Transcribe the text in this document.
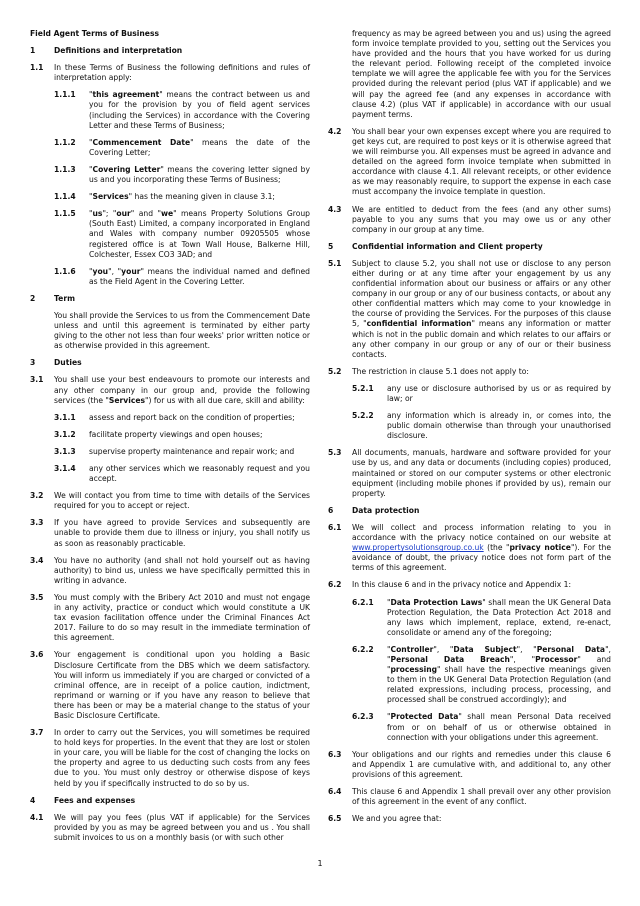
Field Agent Terms of Business
1	Definitions and interpretation
1.1	In these Terms of Business the following definitions and rules of interpretation apply:
1.1.1	"this agreement" means the contract between us and you for the provision by you of field agent services (including the Services) in accordance with the Covering Letter and these Terms of Business;
1.1.2	"Commencement Date" means the date of the Covering Letter;
1.1.3	"Covering Letter" means the covering letter signed by us and you incorporating these Terms of Business;
1.1.4	"Services" has the meaning given in clause 3.1;
1.1.5	"us"; "our" and "we" means Property Solutions Group (South East) Limited, a company incorporated in England and Wales with company number 09205505 whose registered office is at Town Wall House, Balkerne Hill, Colchester, Essex CO3 3AD; and
1.1.6	"you", "your" means the individual named and defined as the Field Agent in the Covering Letter.
2	Term
You shall provide the Services to us from the Commencement Date unless and until this agreement is terminated by either party giving to the other not less than four weeks' prior written notice or as otherwise provided in this agreement.
3	Duties
3.1	You shall use your best endeavours to promote our interests and any other company in our group and, provide the following services (the "Services") for us with all due care, skill and ability:
3.1.1	assess and report back on the condition of properties;
3.1.2	facilitate property viewings and open houses;
3.1.3	supervise property maintenance and repair work; and
3.1.4	any other services which we reasonably request and you accept.
3.2	We will contact you from time to time with details of the Services required for you to accept or reject.
3.3	If you have agreed to provide Services and subsequently are unable to provide them due to illness or injury, you shall notify us as soon as reasonably practicable.
3.4	You have no authority (and shall not hold yourself out as having authority) to bind us, unless we have specifically permitted this in writing in advance.
3.5	You must comply with the Bribery Act 2010 and must not engage in any activity, practice or conduct which would constitute a UK tax evasion facilitation offence under the Criminal Finances Act 2017. Failure to do so may result in the immediate termination of this agreement.
3.6	Your engagement is conditional upon you holding a Basic Disclosure Certificate from the DBS which we deem satisfactory. You will inform us immediately if you are charged or convicted of a criminal offence, are in receipt of a police caution, indictment, reprimand or warning or if you have any reason to believe that there has been or may be a material change to the status of your Basic Disclosure Certificate.
3.7	In order to carry out the Services, you will sometimes be required to hold keys for properties. In the event that they are lost or stolen in your care, you will be liable for the cost of changing the locks on the property and agree to us deducting such costs from any fees due to you. You must only destroy or otherwise dispose of keys held by you if specifically instructed to do so by us.
4	Fees and expenses
4.1	We will pay you fees (plus VAT if applicable) for the Services provided by you as may be agreed between you and us . You shall submit invoices to us on a monthly basis (or with such other
frequency as may be agreed between you and us) using the agreed form invoice template provided to you, setting out the Services you have provided and the hours that you have worked for us during the relevant period. Following receipt of the completed invoice template we will agree the applicable fee with you for the Services provided during the relevant period (plus VAT if applicable) and we will pay the agreed fee (and any expenses in accordance with clause 4.2) (plus VAT if applicable) in accordance with our usual payment terms.
4.2	You shall bear your own expenses except where you are required to get keys cut, are required to post keys or it is otherwise agreed that we will reimburse you. All expenses must be agreed in advance and detailed on the agreed form invoice template when submitted in accordance with clause 4.1. All relevant receipts, or other evidence as we may reasonably require, to support the expense in each case must accompany the invoice template in question.
4.3	We are entitled to deduct from the fees (and any other sums) payable to you any sums that you may owe us or any other company in our group at any time.
5	Confidential information and Client property
5.1	Subject to clause 5.2, you shall not use or disclose to any person either during or at any time after your engagement by us any confidential information about our business or affairs or any other company in our group or any of our business contacts, or about any other confidential matters which may come to your knowledge in the course of providing the Services. For the purposes of this clause 5, "confidential information" means any information or matter which is not in the public domain and which relates to our affairs or any other company in our group or any of our or their business contacts.
5.2	The restriction in clause 5.1 does not apply to:
5.2.1	any use or disclosure authorised by us or as required by law; or
5.2.2	any information which is already in, or comes into, the public domain otherwise than through your unauthorised disclosure.
5.3	All documents, manuals, hardware and software provided for your use by us, and any data or documents (including copies) produced, maintained or stored on our computer systems or other electronic equipment (including mobile phones if provided by us), remain our property.
6	Data protection
6.1	We will collect and process information relating to you in accordance with the privacy notice contained on our website at www.propertysolutionsgroup.co.uk (the "privacy notice"). For the avoidance of doubt, the privacy notice does not form part of the terms of this agreement.
6.2	In this clause 6 and in the privacy notice and Appendix 1:
6.2.1	"Data Protection Laws" shall mean the UK General Data Protection Regulation, the Data Protection Act 2018 and any laws which implement, replace, extend, re-enact, consolidate or amend any of the foregoing;
6.2.2	"Controller", "Data Subject", "Personal Data", "Personal Data Breach", "Processor" and "processing" shall have the respective meanings given to them in the UK General Data Protection Regulation (and related expressions, including process, processing, and processed shall be construed accordingly); and
6.2.3	"Protected Data" shall mean Personal Data received from or on behalf of us or otherwise obtained in connection with your obligations under this agreement.
6.3	Your obligations and our rights and remedies under this clause 6 and Appendix 1 are cumulative with, and additional to, any other provisions of this agreement.
6.4	This clause 6 and Appendix 1 shall prevail over any other provision of this agreement in the event of any conflict.
6.5	We and you agree that:
1
